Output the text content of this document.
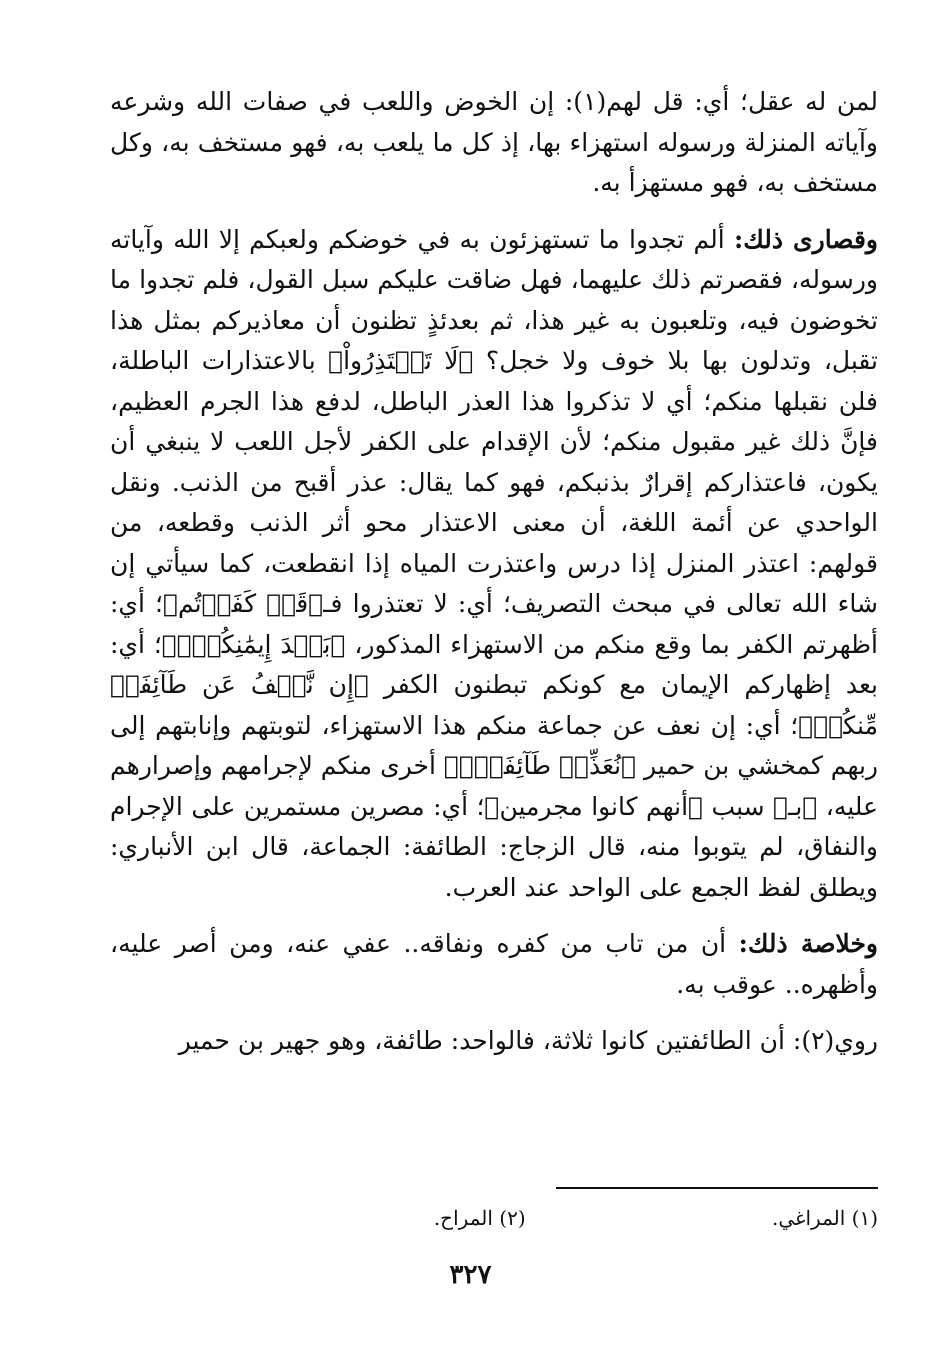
لمن له عقل؛ أي: قل لهم(١): إن الخوض واللعب في صفات الله وشرعه وآياته المنزلة ورسوله استهزاء بها، إذ كل ما يلعب به، فهو مستخف به، وكل مستخف به، فهو مستهزأ به.

وقصارى ذلك: ألم تجدوا ما تستهزئون به في خوضكم ولعبكم إلا الله وآياته ورسوله، فقصرتم ذلك عليهما، فهل ضاقت عليكم سبل القول، فلم تجدوا ما تخوضون فيه، وتلعبون به غير هذا، ثم بعدئذٍ تظنون أن معاذيركم بمثل هذا تقبل، وتدلون بها بلا خوف ولا خجل؟ ﴿لَا تَعۡتَذِرُواْ﴾ بالاعتذارات الباطلة، فلن نقبلها منكم؛ أي لا تذكروا هذا العذر الباطل، لدفع هذا الجرم العظيم، فإنَّ ذلك غير مقبول منكم؛ لأن الإقدام على الكفر لأجل اللعب لا ينبغي أن يكون، فاعتذاركم إقرارٌ بذنبكم، فهو كما يقال: عذر أقبح من الذنب. ونقل الواحدي عن أئمة اللغة، أن معنى الاعتذار محو أثر الذنب وقطعه، من قولهم: اعتذر المنزل إذا درس واعتذرت المياه إذا انقطعت، كما سيأتي إن شاء الله تعالى في مبحث التصريف؛ أي: لا تعتذروا فـ﴿قَدۡ كَفَرۡتُم﴾؛ أي: أظهرتم الكفر بما وقع منكم من الاستهزاء المذكور، ﴿بَعۡدَ إِيمَٰنِكُمۡۚ﴾؛ أي: بعد إظهاركم الإيمان مع كونكم تبطنون الكفر ﴿إِن نَّعۡفُ عَن طَآئِفَةٖ مِّنكُمۡ﴾؛ أي: إن نعف عن جماعة منكم هذا الاستهزاء، لتوبتهم وإنابتهم إلى ربهم كمخشي بن حمير ﴿نُعَذِّبۡ طَآئِفَةَۢ﴾ أخرى منكم لإجرامهم وإصرارهم عليه، ﴿بـ﴾ سبب ﴿أنهم كانوا مجرمين﴾؛ أي: مصرين مستمرين على الإجرام والنفاق، لم يتوبوا منه، قال الزجاج: الطائفة: الجماعة، قال ابن الأنباري: ويطلق لفظ الجمع على الواحد عند العرب.

وخلاصة ذلك: أن من تاب من كفره ونفاقه.. عفي عنه، ومن أصر عليه، وأظهره.. عوقب به.

روي(٢): أن الطائفتين كانوا ثلاثة، فالواحد: طائفة، وهو جهير بن حمير

(١) المراغي. (٢) المراح.
٣٢٧
